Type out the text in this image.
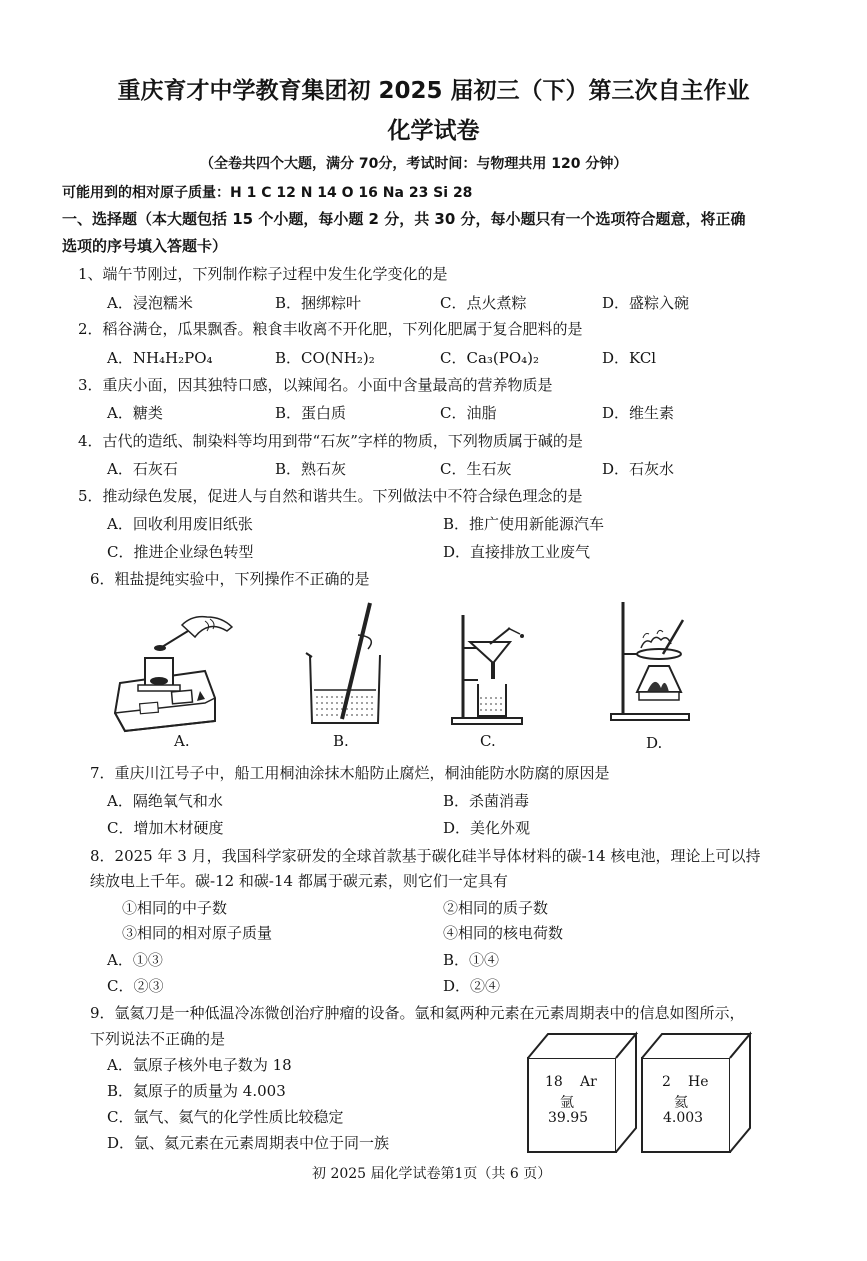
重庆育才中学教育集团初 2025 届初三（下）第三次自主作业
化学试卷
（全卷共四个大题，满分 70分，考试时间：与物理共用 120 分钟）
可能用到的相对原子质量：H 1 C 12 N 14 O 16 Na 23 Si 28
一、选择题（本大题包括 15 个小题，每小题 2 分，共 30 分，每小题只有一个选项符合题意，将正确
选项的序号填入答题卡）
1、端午节刚过，下列制作粽子过程中发生化学变化的是
A．浸泡糯米	B．捆绑粽叶	C．点火煮粽	D．盛粽入碗
2．稻谷满仓，瓜果飘香。粮食丰收离不开化肥，下列化肥属于复合肥料的是
A．NH₄H₂PO₄	B．CO(NH₂)₂	C．Ca₃(PO₄)₂	D．KCl
3．重庆小面，因其独特口感，以辣闻名。小面中含量最高的营养物质是
A．糖类	B．蛋白质	C．油脂	D．维生素
4．古代的造纸、制染料等均用到带“石灰”字样的物质，下列物质属于碱的是
A．石灰石	B．熟石灰	C．生石灰	D．石灰水
5．推动绿色发展，促进人与自然和谐共生。下列做法中不符合绿色理念的是
A．回收利用废旧纸张	B．推广使用新能源汽车
C．推进企业绿色转型	D．直接排放工业废气
6．粗盐提纯实验中，下列操作不正确的是
A.	B.	C.	D.
7．重庆川江号子中，船工用桐油涂抹木船防止腐烂，桐油能防水防腐的原因是
A．隔绝氧气和水	B．杀菌消毒
C．增加木材硬度	D．美化外观
8．2025 年 3 月，我国科学家研发的全球首款基于碳化硅半导体材料的碳-14 核电池，理论上可以持
续放电上千年。碳-12 和碳-14 都属于碳元素，则它们一定具有
①相同的中子数	②相同的质子数
③相同的相对原子质量	④相同的核电荷数
A．①③	B．①④
C．②③	D．②④
9．氩氦刀是一种低温冷冻微创治疗肿瘤的设备。氩和氦两种元素在元素周期表中的信息如图所示，
下列说法不正确的是
A．氩原子核外电子数为 18
B．氦原子的质量为 4.003
C．氩气、氦气的化学性质比较稳定
D．氩、氦元素在元素周期表中位于同一族
18 Ar
氩
39.95
2 He
氦
4.003
初 2025 届化学试卷第1页（共 6 页）
